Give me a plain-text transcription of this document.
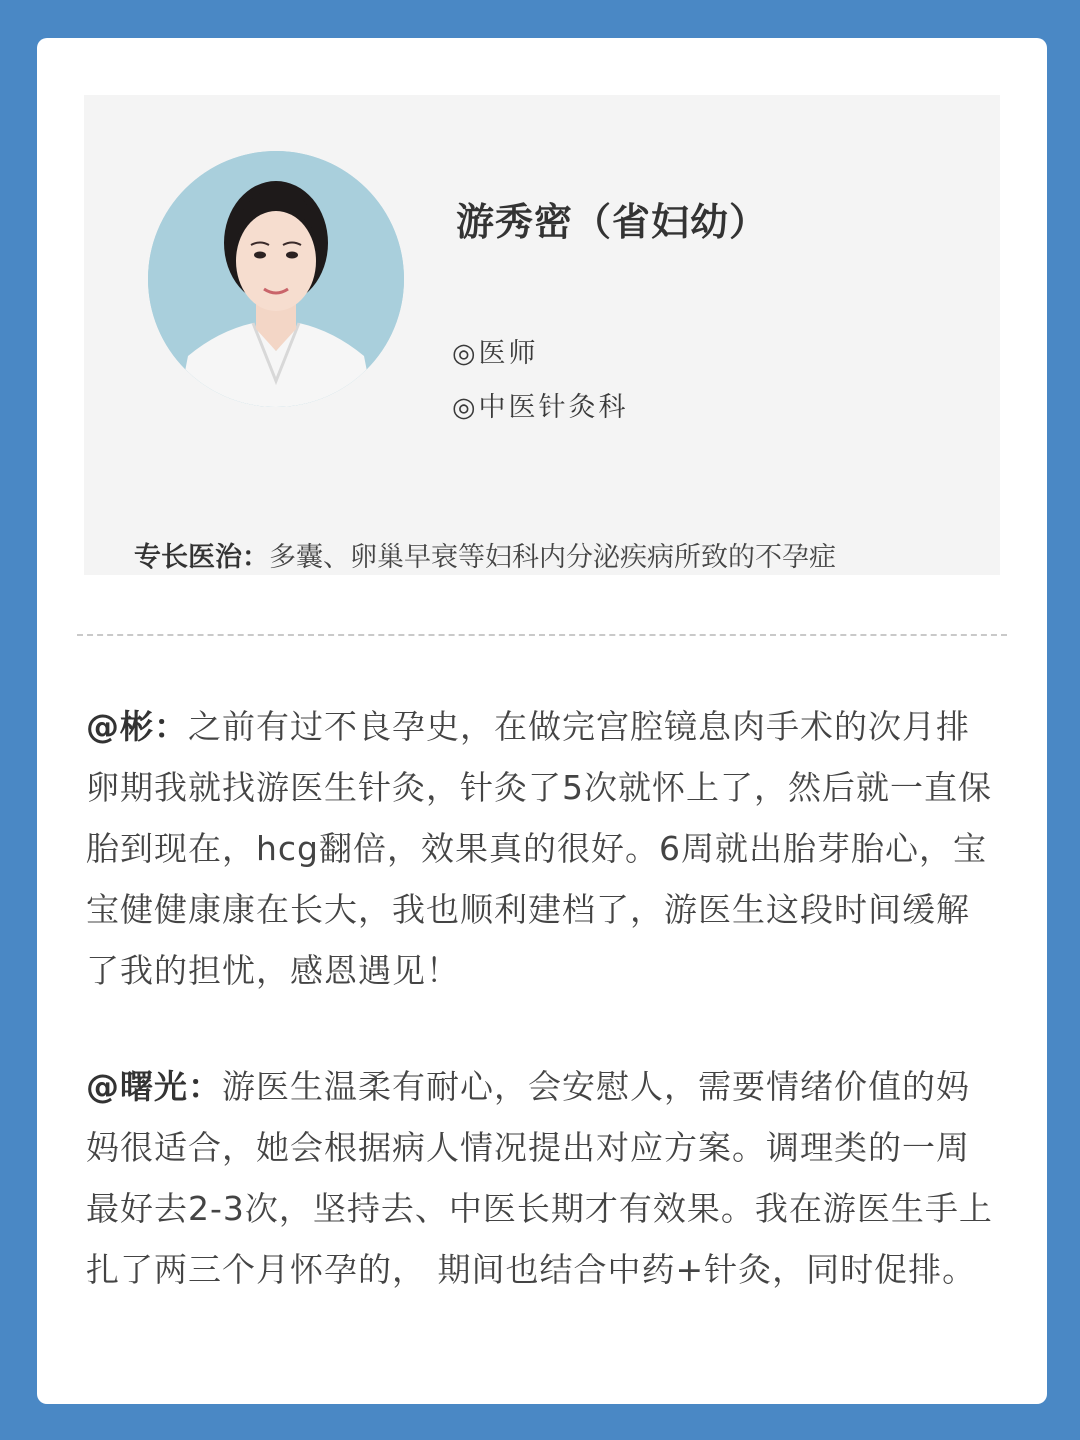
游秀密（省妇幼）
◎医师
◎中医针灸科
专长医治：多囊、卵巢早衰等妇科内分泌疾病所致的不孕症
@彬：之前有过不良孕史，在做完宫腔镜息肉手术的次月排卵期我就找游医生针灸，针灸了5次就怀上了，然后就一直保胎到现在，hcg翻倍，效果真的很好。6周就出胎芽胎心，宝宝健健康康在长大，我也顺利建档了，游医生这段时间缓解了我的担忧，感恩遇见！
@曙光：游医生温柔有耐心，会安慰人，需要情绪价值的妈妈很适合，她会根据病人情况提出对应方案。调理类的一周最好去2-3次，坚持去、中医长期才有效果。我在游医生手上扎了两三个月怀孕的， 期间也结合中药+针灸，同时促排。
